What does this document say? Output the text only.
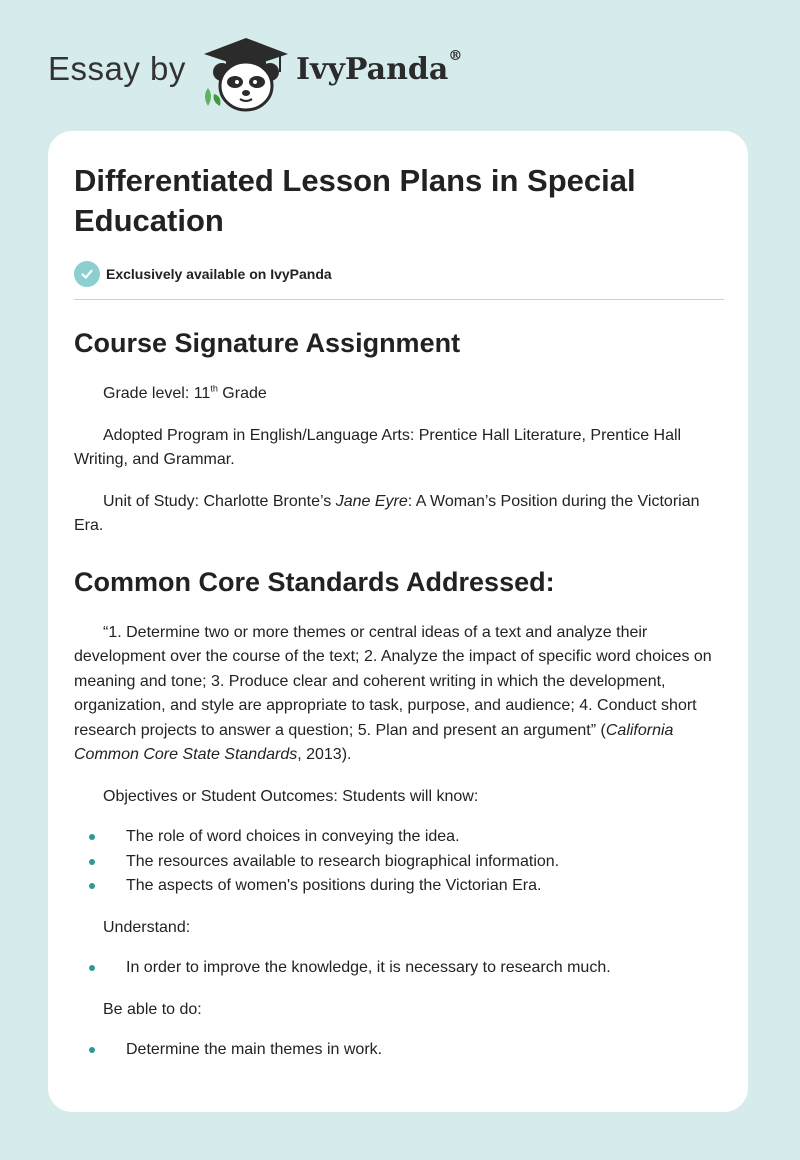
Essay by	IvyPanda®
Differentiated Lesson Plans in Special Education
Exclusively available on IvyPanda
Course Signature Assignment

Grade level: 11th Grade

Adopted Program in English/Language Arts: Prentice Hall Literature, Prentice Hall Writing, and Grammar.

Unit of Study: Charlotte Bronte’s Jane Eyre: A Woman’s Position during the Victorian Era.

Common Core Standards Addressed:

“1. Determine two or more themes or central ideas of a text and analyze their development over the course of the text; 2. Analyze the impact of specific word choices on meaning and tone; 3. Produce clear and coherent writing in which the development, organization, and style are appropriate to task, purpose, and audience; 4. Conduct short research projects to answer a question; 5. Plan and present an argument” (California Common Core State Standards, 2013).

Objectives or Student Outcomes: Students will know:

The role of word choices in conveying the idea.
The resources available to research biographical information.
The aspects of women's positions during the Victorian Era.

Understand:

In order to improve the knowledge, it is necessary to research much.

Be able to do:

Determine the main themes in work.
